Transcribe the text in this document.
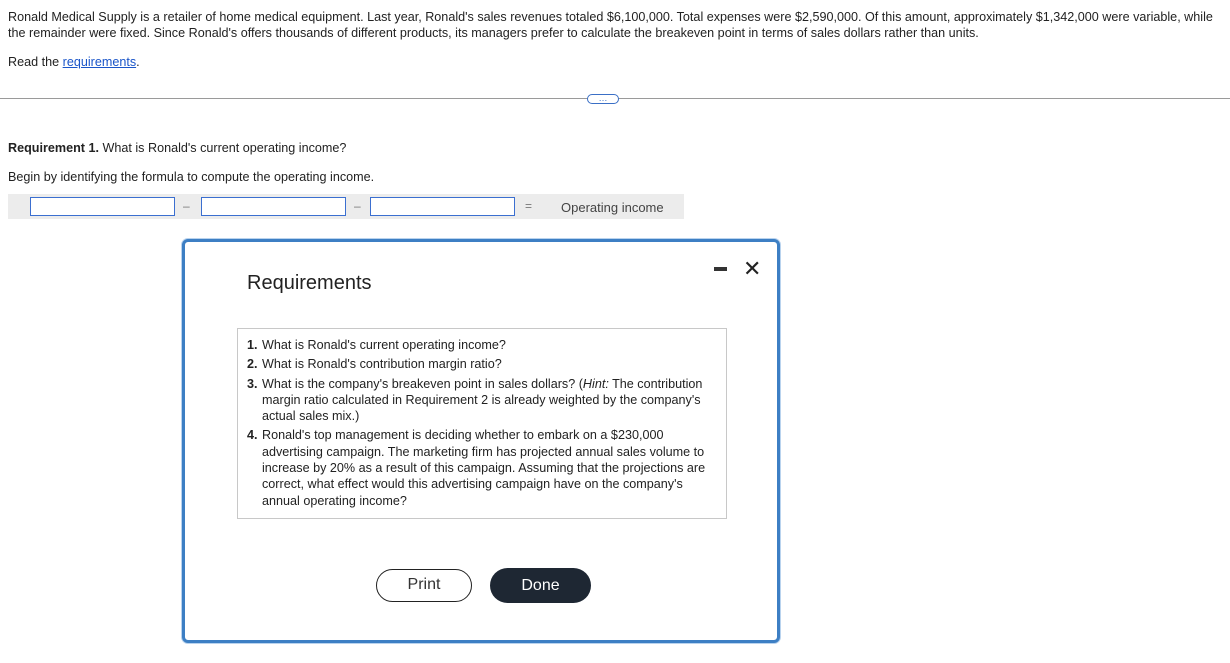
Ronald Medical Supply is a retailer of home medical equipment. Last year, Ronald's sales revenues totaled $6,100,000. Total expenses were $2,590,000. Of this amount, approximately $1,342,000 were variable, while the remainder were fixed. Since Ronald's offers thousands of different products, its managers prefer to calculate the breakeven point in terms of sales dollars rather than units.
Read the requirements.
…
Requirement 1. What is Ronald's current operating income?
Begin by identifying the formula to compute the operating income.
–	–	= Operating income
Requirements
✕
1. What is Ronald's current operating income?
2. What is Ronald's contribution margin ratio?
3. What is the company's breakeven point in sales dollars? (Hint: The contribution margin ratio calculated in Requirement 2 is already weighted by the company's actual sales mix.)
4. Ronald's top management is deciding whether to embark on a $230,000 advertising campaign. The marketing firm has projected annual sales volume to increase by 20% as a result of this campaign. Assuming that the projections are correct, what effect would this advertising campaign have on the company's annual operating income?
Print	Done
